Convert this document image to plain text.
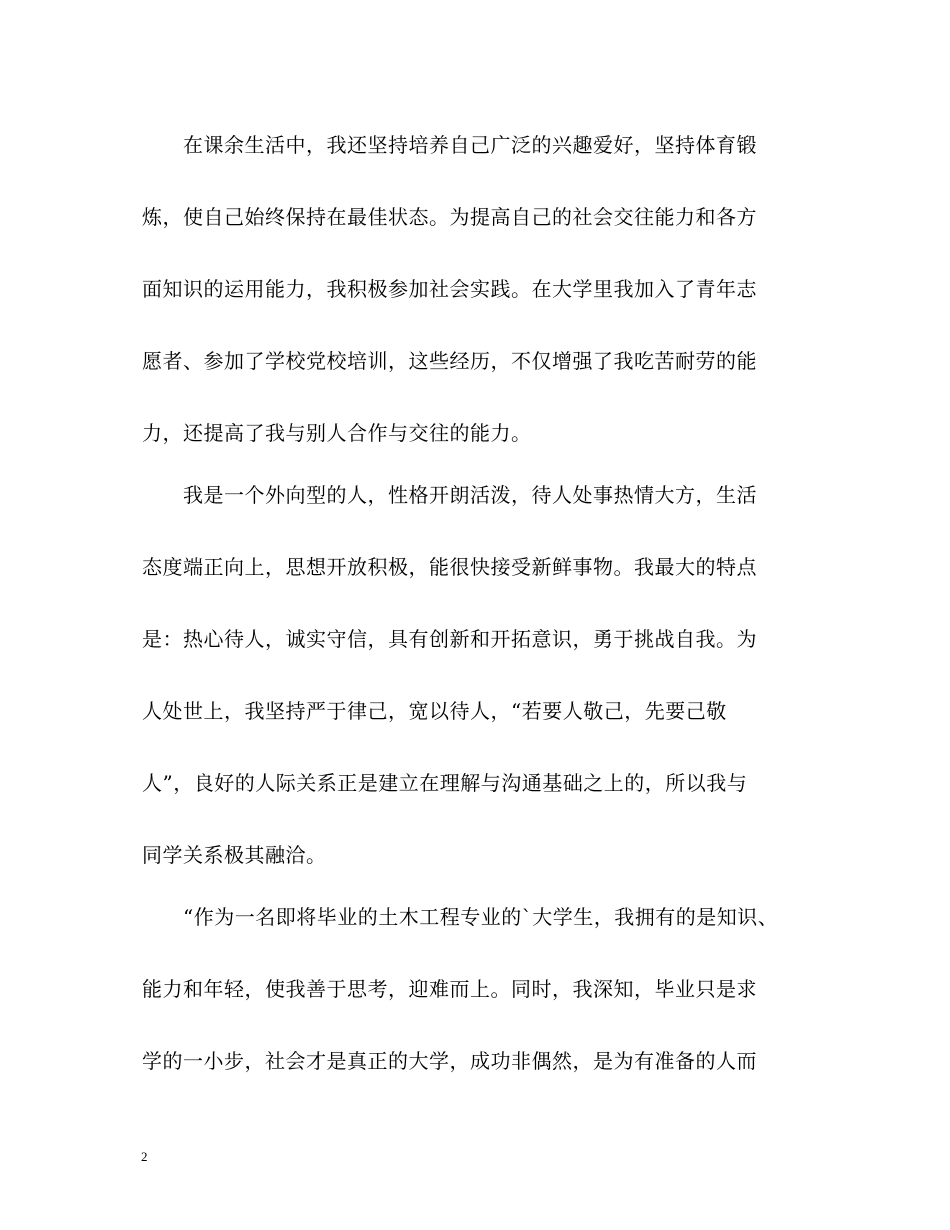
在课余生活中，我还坚持培养自己广泛的兴趣爱好，坚持体育锻
炼，使自己始终保持在最佳状态。为提高自己的社会交往能力和各方
面知识的运用能力，我积极参加社会实践。在大学里我加入了青年志
愿者、参加了学校党校培训，这些经历，不仅增强了我吃苦耐劳的能
力，还提高了我与别人合作与交往的能力。
我是一个外向型的人，性格开朗活泼，待人处事热情大方，生活
态度端正向上，思想开放积极，能很快接受新鲜事物。我最大的特点
是：热心待人，诚实守信，具有创新和开拓意识，勇于挑战自我。为
人处世上，我坚持严于律己，宽以待人，“若要人敬己，先要己敬
人”，良好的人际关系正是建立在理解与沟通基础之上的，所以我与
同学关系极其融洽。
“作为一名即将毕业的土木工程专业的`大学生，我拥有的是知识、
能力和年轻，使我善于思考，迎难而上。同时，我深知，毕业只是求
学的一小步，社会才是真正的大学，成功非偶然，是为有准备的人而
2
